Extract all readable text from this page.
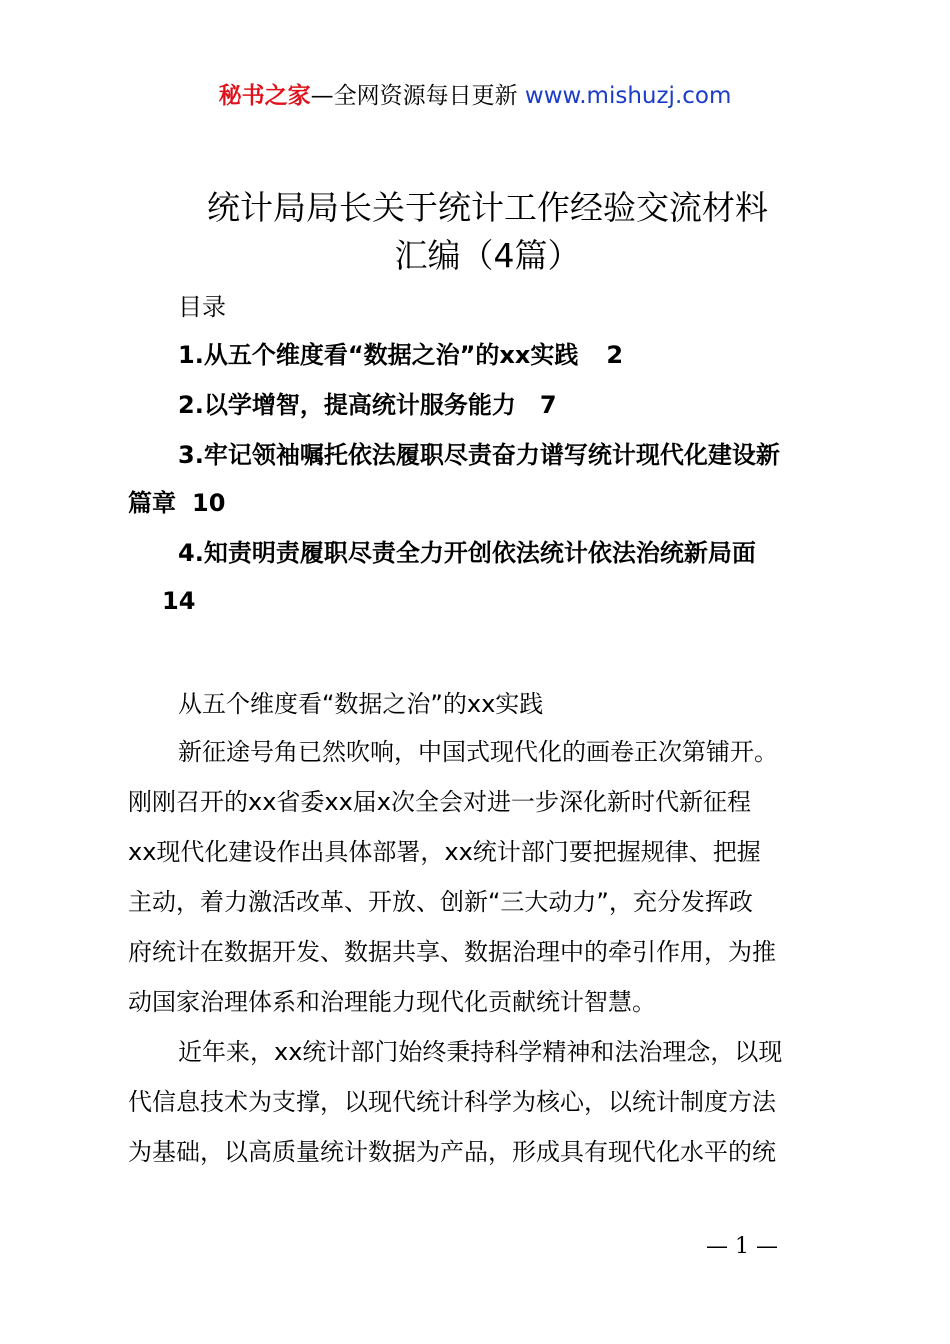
秘书之家—全网资源每日更新 www.mishuzj.com
统计局局长关于统计工作经验交流材料
汇编（4篇）
目录
1.从五个维度看“数据之治”的xx实践 2
2.以学增智，提高统计服务能力 7
3.牢记领袖嘱托依法履职尽责奋力谱写统计现代化建设新
篇章 10
4.知责明责履职尽责全力开创依法统计依法治统新局面
14
从五个维度看“数据之治”的xx实践
新征途号角已然吹响，中国式现代化的画卷正次第铺开。
刚刚召开的xx省委xx届x次全会对进一步深化新时代新征程
xx现代化建设作出具体部署，xx统计部门要把握规律、把握
主动，着力激活改革、开放、创新“三大动力”，充分发挥政
府统计在数据开发、数据共享、数据治理中的牵引作用，为推
动国家治理体系和治理能力现代化贡献统计智慧。
近年来，xx统计部门始终秉持科学精神和法治理念，以现
代信息技术为支撑，以现代统计科学为核心，以统计制度方法
为基础，以高质量统计数据为产品，形成具有现代化水平的统
— 1 —
